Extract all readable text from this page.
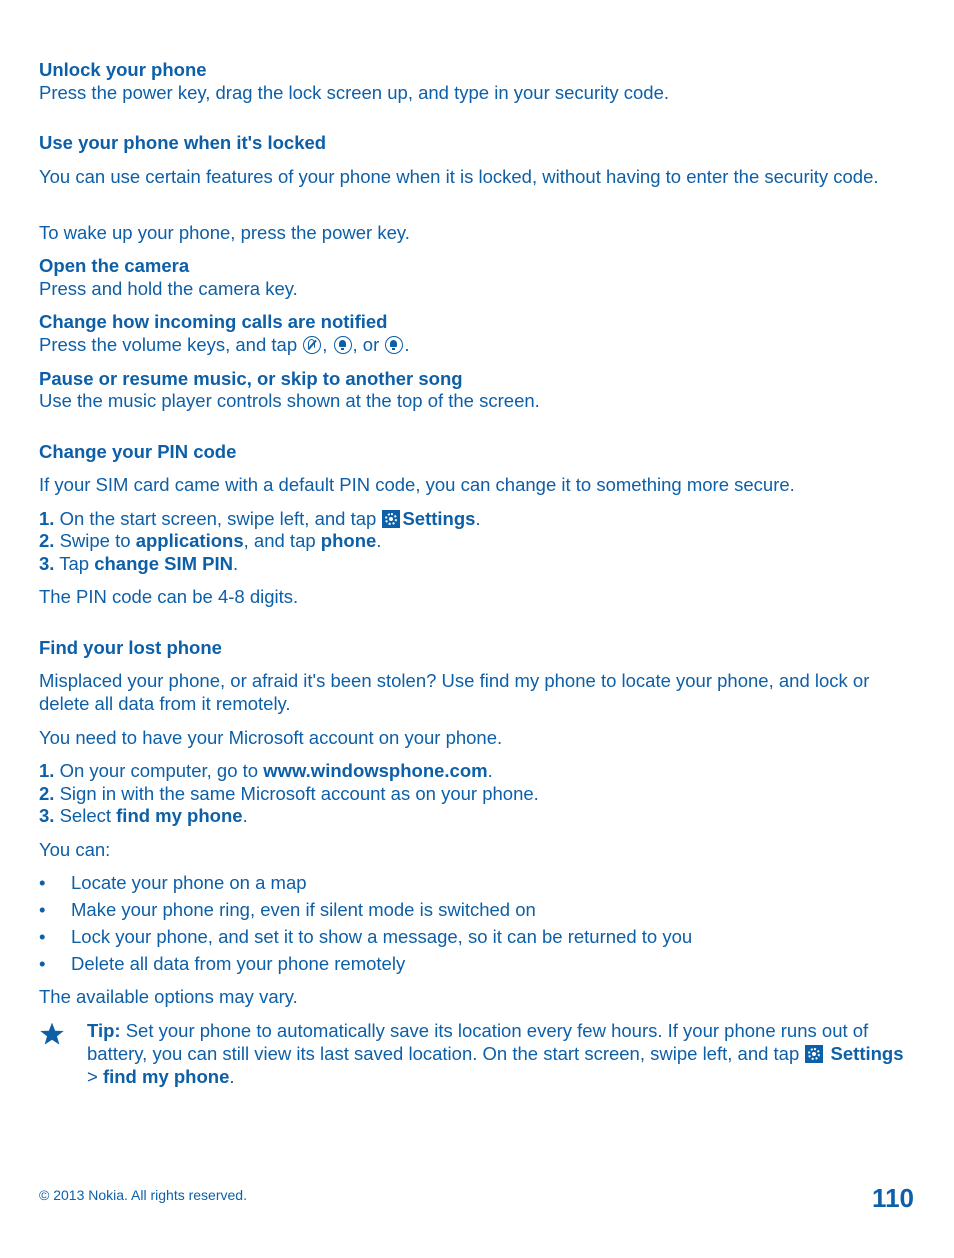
Unlock your phone

Press the power key, drag the lock screen up, and type in your security code.

Use your phone when it's locked

You can use certain features of your phone when it is locked, without having to enter the security code.

To wake up your phone, press the power key.

Open the camera

Press and hold the camera key.

Change how incoming calls are notified

Press the volume keys, and tap , , or .

Pause or resume music, or skip to another song

Use the music player controls shown at the top of the screen.

Change your PIN code

If your SIM card came with a default PIN code, you can change it to something more secure.

1. On the start screen, swipe left, and tap Settings.

2. Swipe to applications, and tap phone.

3. Tap change SIM PIN.

The PIN code can be 4-8 digits.

Find your lost phone

Misplaced your phone, or afraid it's been stolen? Use find my phone to locate your phone, and lock or delete all data from it remotely.

You need to have your Microsoft account on your phone.

1. On your computer, go to www.windowsphone.com.

2. Sign in with the same Microsoft account as on your phone.

3. Select find my phone.

You can:

• Locate your phone on a map
• Make your phone ring, even if silent mode is switched on
• Lock your phone, and set it to show a message, so it can be returned to you
• Delete all data from your phone remotely

The available options may vary.

Tip: Set your phone to automatically save its location every few hours. If your phone runs out of battery, you can still view its last saved location. On the start screen, swipe left, and tap Settings > find my phone.

© 2013 Nokia. All rights reserved.	110
